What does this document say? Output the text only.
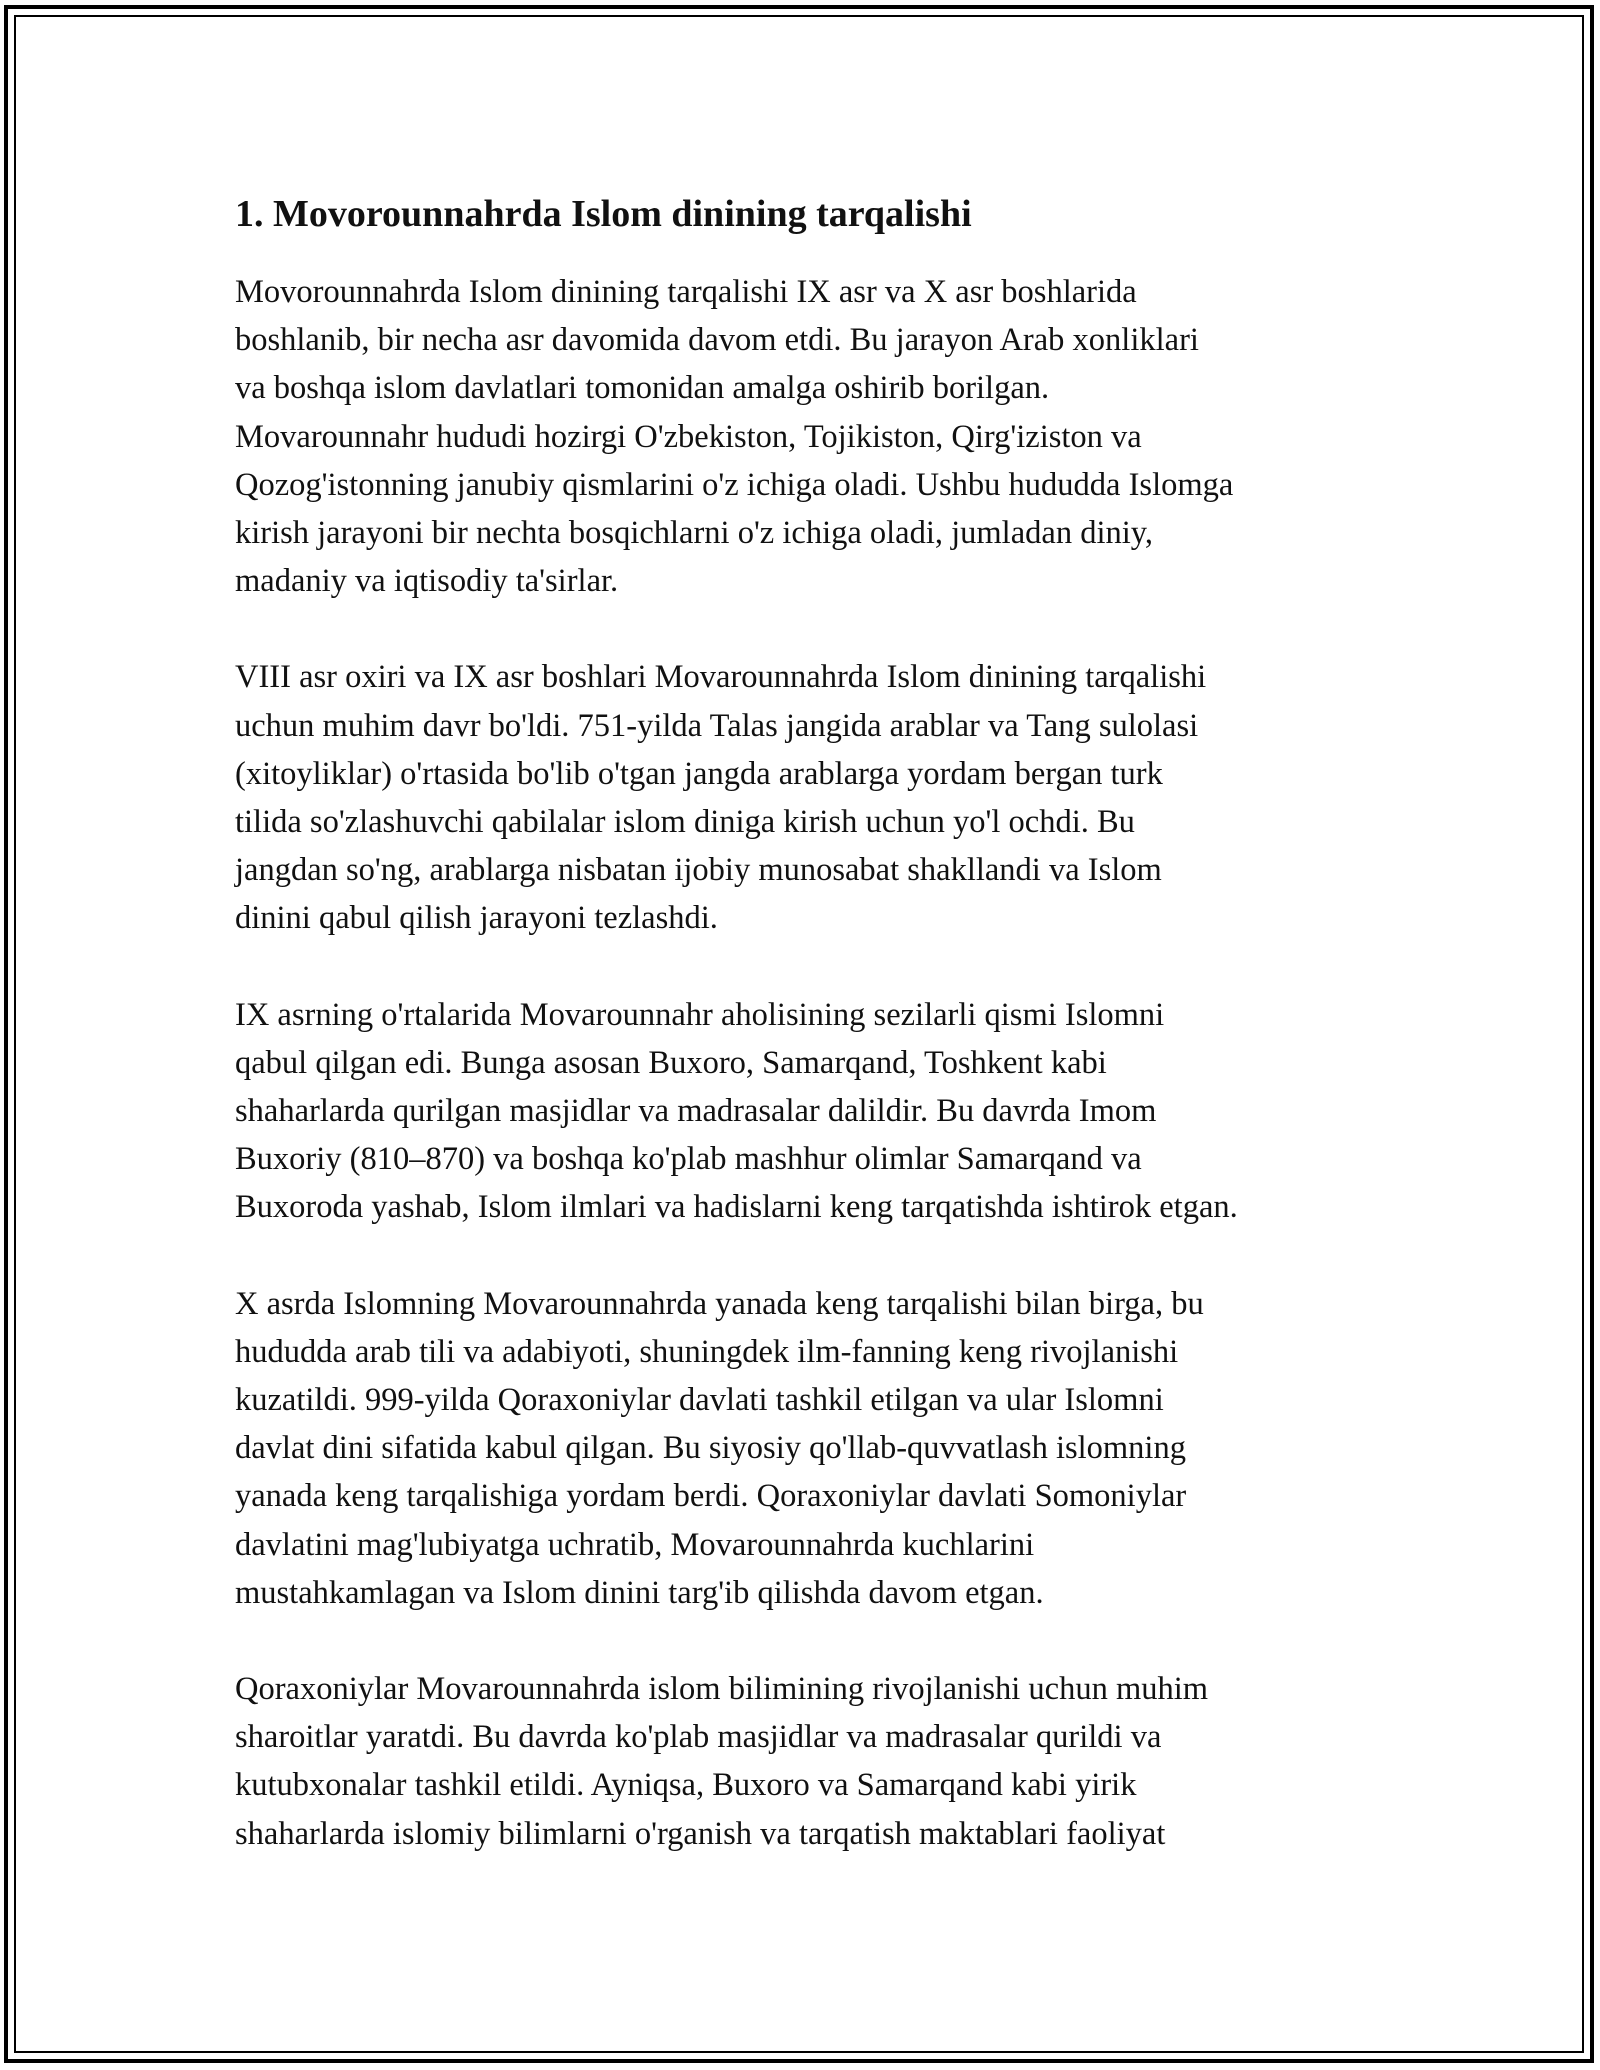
1. Movorounnahrda Islom dinining tarqalishi

Movorounnahrda Islom dinining tarqalishi IX asr va X asr boshlarida
boshlanib, bir necha asr davomida davom etdi. Bu jarayon Arab xonliklari
va boshqa islom davlatlari tomonidan amalga oshirib borilgan.
Movarounnahr hududi hozirgi O'zbekiston, Tojikiston, Qirg'iziston va
Qozog'istonning janubiy qismlarini o'z ichiga oladi. Ushbu hududda Islomga
kirish jarayoni bir nechta bosqichlarni o'z ichiga oladi, jumladan diniy,
madaniy va iqtisodiy ta'sirlar.

VIII asr oxiri va IX asr boshlari Movarounnahrda Islom dinining tarqalishi
uchun muhim davr bo'ldi. 751-yilda Talas jangida arablar va Tang sulolasi
(xitoyliklar) o'rtasida bo'lib o'tgan jangda arablarga yordam bergan turk
tilida so'zlashuvchi qabilalar islom diniga kirish uchun yo'l ochdi. Bu
jangdan so'ng, arablarga nisbatan ijobiy munosabat shakllandi va Islom
dinini qabul qilish jarayoni tezlashdi.

IX asrning o'rtalarida Movarounnahr aholisining sezilarli qismi Islomni
qabul qilgan edi. Bunga asosan Buxoro, Samarqand, Toshkent kabi
shaharlarda qurilgan masjidlar va madrasalar dalildir. Bu davrda Imom
Buxoriy (810–870) va boshqa ko'plab mashhur olimlar Samarqand va
Buxoroda yashab, Islom ilmlari va hadislarni keng tarqatishda ishtirok etgan.

X asrda Islomning Movarounnahrda yanada keng tarqalishi bilan birga, bu
hududda arab tili va adabiyoti, shuningdek ilm-fanning keng rivojlanishi
kuzatildi. 999-yilda Qoraxoniylar davlati tashkil etilgan va ular Islomni
davlat dini sifatida kabul qilgan. Bu siyosiy qo'llab-quvvatlash islomning
yanada keng tarqalishiga yordam berdi. Qoraxoniylar davlati Somoniylar
davlatini mag'lubiyatga uchratib, Movarounnahrda kuchlarini
mustahkamlagan va Islom dinini targ'ib qilishda davom etgan.

Qoraxoniylar Movarounnahrda islom bilimining rivojlanishi uchun muhim
sharoitlar yaratdi. Bu davrda ko'plab masjidlar va madrasalar qurildi va
kutubxonalar tashkil etildi. Ayniqsa, Buxoro va Samarqand kabi yirik
shaharlarda islomiy bilimlarni o'rganish va tarqatish maktablari faoliyat
